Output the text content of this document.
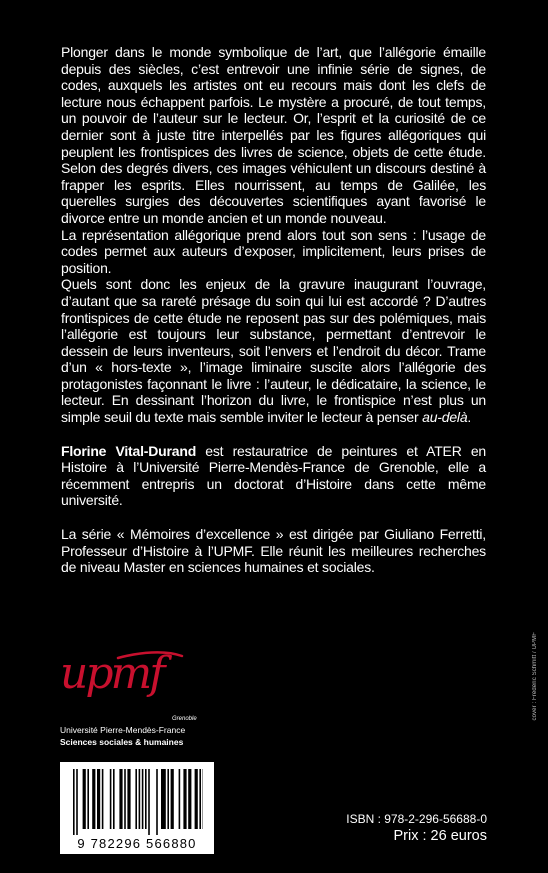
Plonger dans le monde symbolique de l’art, que l’allégorie émaille depuis des siècles, c’est entrevoir une infinie série de signes, de codes, auxquels les artistes ont eu recours mais dont les clefs de lecture nous échappent parfois. Le mystère a procuré, de tout temps, un pouvoir de l’auteur sur le lecteur. Or, l’esprit et la curiosité de ce dernier sont à juste titre interpellés par les figures allégoriques qui peuplent les frontispices des livres de science, objets de cette étude. Selon des degrés divers, ces images véhiculent un discours destiné à frapper les esprits. Elles nourrissent, au temps de Galilée, les querelles surgies des découvertes scientifiques ayant favorisé le divorce entre un monde ancien et un monde nouveau.

La représentation allégorique prend alors tout son sens : l’usage de codes permet aux auteurs d’exposer, implicitement, leurs prises de position.

Quels sont donc les enjeux de la gravure inaugurant l’ouvrage, d’autant que sa rareté présage du soin qui lui est accordé ? D’autres frontispices de cette étude ne reposent pas sur des polémiques, mais l’allégorie est toujours leur substance, permettant d’entrevoir le dessein de leurs inventeurs, soit l’envers et l’endroit du décor. Trame d’un « hors-texte », l’image liminaire suscite alors l’allégorie des protagonistes façonnant le livre : l’auteur, le dédicataire, la science, le lecteur. En dessinant l’horizon du livre, le frontispice n’est plus un simple seuil du texte mais semble inviter le lecteur à penser au-delà.

Florine Vital-Durand est restauratrice de peintures et ATER en Histoire à l’Université Pierre-Mendès-France de Grenoble, elle a récemment entrepris un doctorat d’Histoire dans cette même université.

La série « Mémoires d’excellence » est dirigée par Giuliano Ferretti, Professeur d’Histoire à l’UPMF. Elle réunit les meilleures recherches de niveau Master en sciences humaines et sociales.

cover : Frédéric Schmitt / UPMF
upmf
Grenoble
Université Pierre-Mendès-France
Sciences sociales & humaines
9 782296 566880
ISBN : 978-2-296-56688-0
Prix : 26 euros
